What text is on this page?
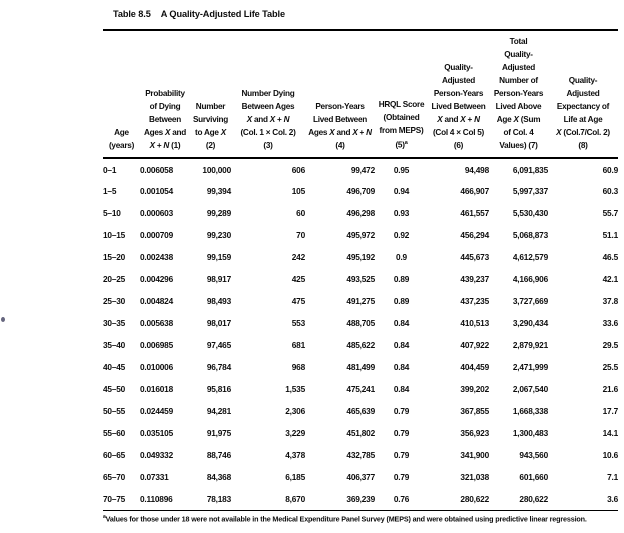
Table 8.5 A Quality-Adjusted Life Table
Age
(years)	Probability
of Dying
Between
Ages X and
X + N (1)	Number
Surviving
to Age X
(2)	Number Dying
Between Ages
X and X + N
(Col. 1 × Col. 2)
(3)	Person-Years
Lived Between
Ages X and X + N
(4)	HRQL Score
(Obtained
from MEPS)
$(5)^a$	Quality-
Adjusted
Person-Years
Lived Between
X and X + N
(Col 4 × Col 5)
(6)	Total
Quality-
Adjusted
Number of
Person-Years
Lived Above
Age X (Sum
of Col. 4
Values) (7)	Quality-
Adjusted
Expectancy of
Life at Age
X (Col.7/Col. 2)
(8)
0–1	0.006058	100,000	606	99,472	0.95	94,498	6,091,835	60.9
1–5	0.001054	99,394	105	496,709	0.94	466,907	5,997,337	60.3
5–10	0.000603	99,289	60	496,298	0.93	461,557	5,530,430	55.7
10–15	0.000709	99,230	70	495,972	0.92	456,294	5,068,873	51.1
15–20	0.002438	99,159	242	495,192	0.9	445,673	4,612,579	46.5
20–25	0.004296	98,917	425	493,525	0.89	439,237	4,166,906	42.1
25–30	0.004824	98,493	475	491,275	0.89	437,235	3,727,669	37.8
30–35	0.005638	98,017	553	488,705	0.84	410,513	3,290,434	33.6
35–40	0.006985	97,465	681	485,622	0.84	407,922	2,879,921	29.5
40–45	0.010006	96,784	968	481,499	0.84	404,459	2,471,999	25.5
45–50	0.016018	95,816	1,535	475,241	0.84	399,202	2,067,540	21.6
50–55	0.024459	94,281	2,306	465,639	0.79	367,855	1,668,338	17.7
55–60	0.035105	91,975	3,229	451,802	0.79	356,923	1,300,483	14.1
60–65	0.049332	88,746	4,378	432,785	0.79	341,900	943,560	10.6
65–70	0.07331	84,368	6,185	406,377	0.79	321,038	601,660	7.1
70–75	0.110896	78,183	8,670	369,239	0.76	280,622	280,622	3.6
$^a$Values for those under 18 were not available in the Medical Expenditure Panel Survey (MEPS) and were obtained using predictive linear regression.
